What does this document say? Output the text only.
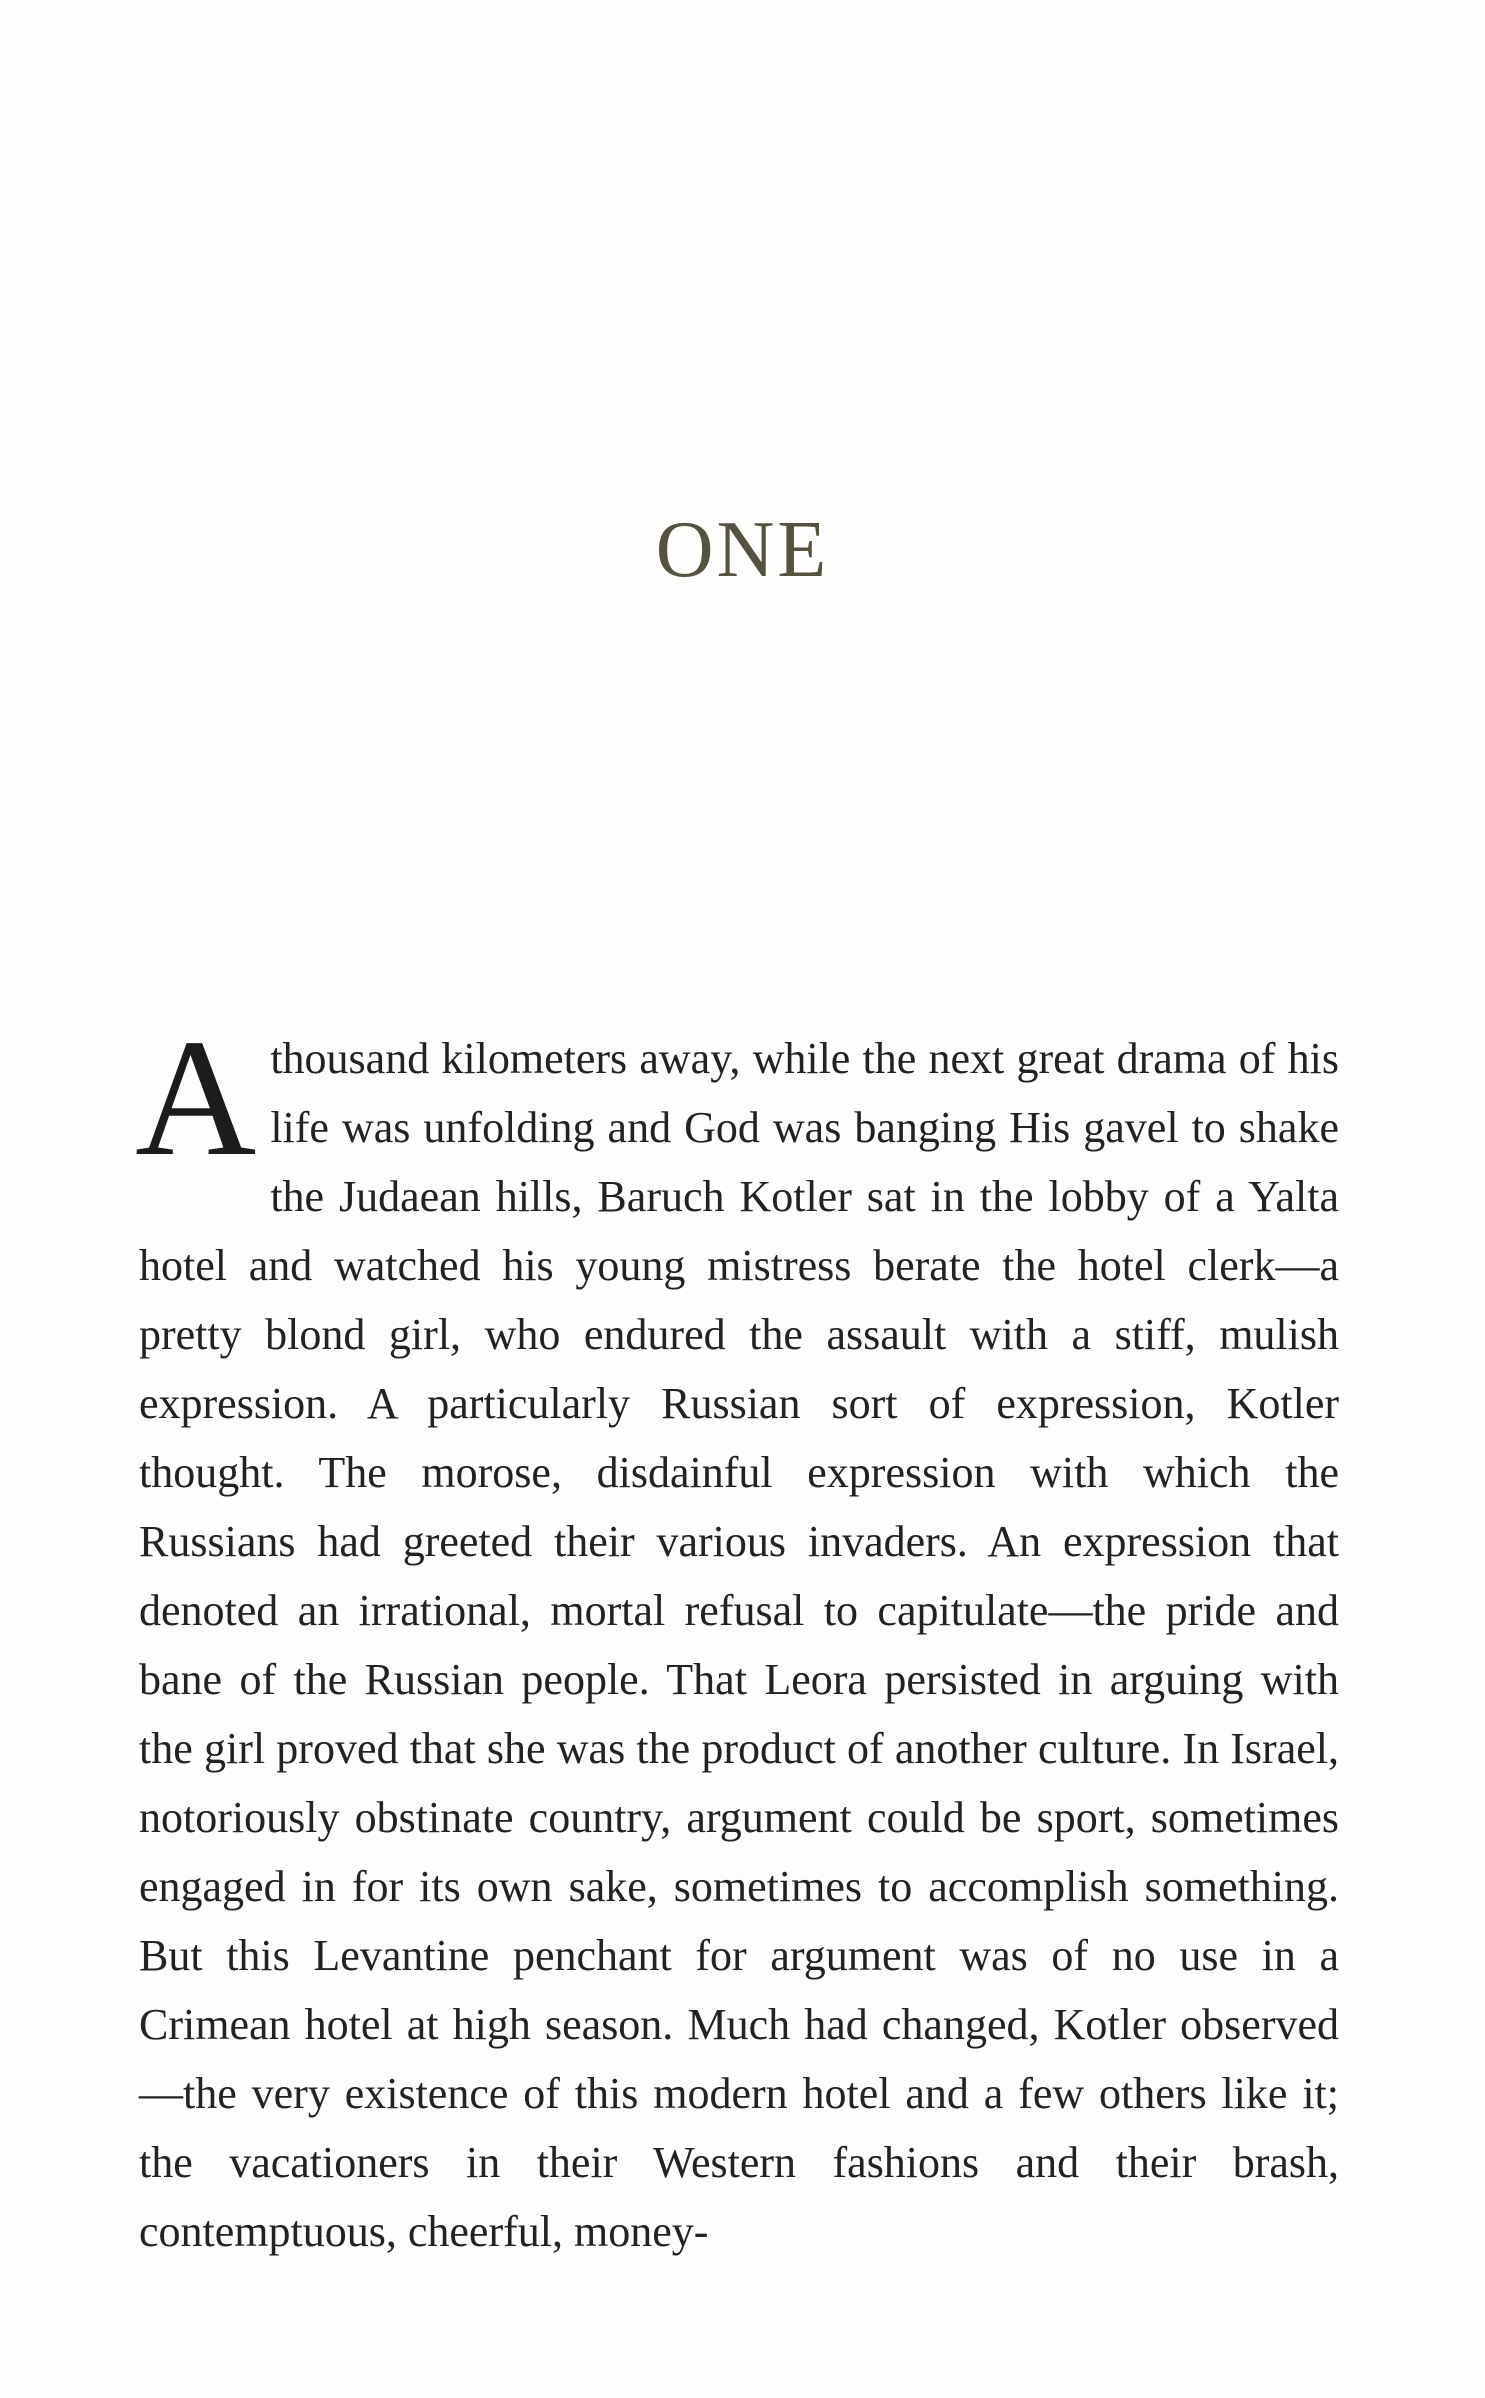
ONE
A thousand kilometers away, while the next great drama of his life was unfolding and God was banging His gavel to shake the Judaean hills, Baruch Kotler sat in the lobby of a Yalta hotel and watched his young mistress berate the hotel clerk—a pretty blond girl, who endured the assault with a stiff, mulish expression. A particularly Russian sort of expression, Kotler thought. The morose, disdainful expression with which the Russians had greeted their various invaders. An expression that denoted an irrational, mortal refusal to capitulate—the pride and bane of the Russian people. That Leora persisted in arguing with the girl proved that she was the product of another culture. In Israel, notoriously obstinate country, argument could be sport, sometimes engaged in for its own sake, sometimes to accomplish something. But this Levantine penchant for argument was of no use in a Crimean hotel at high season. Much had changed, Kotler observed—the very existence of this modern hotel and a few others like it; the vacationers in their Western fashions and their brash, contemptuous, cheerful, money-
